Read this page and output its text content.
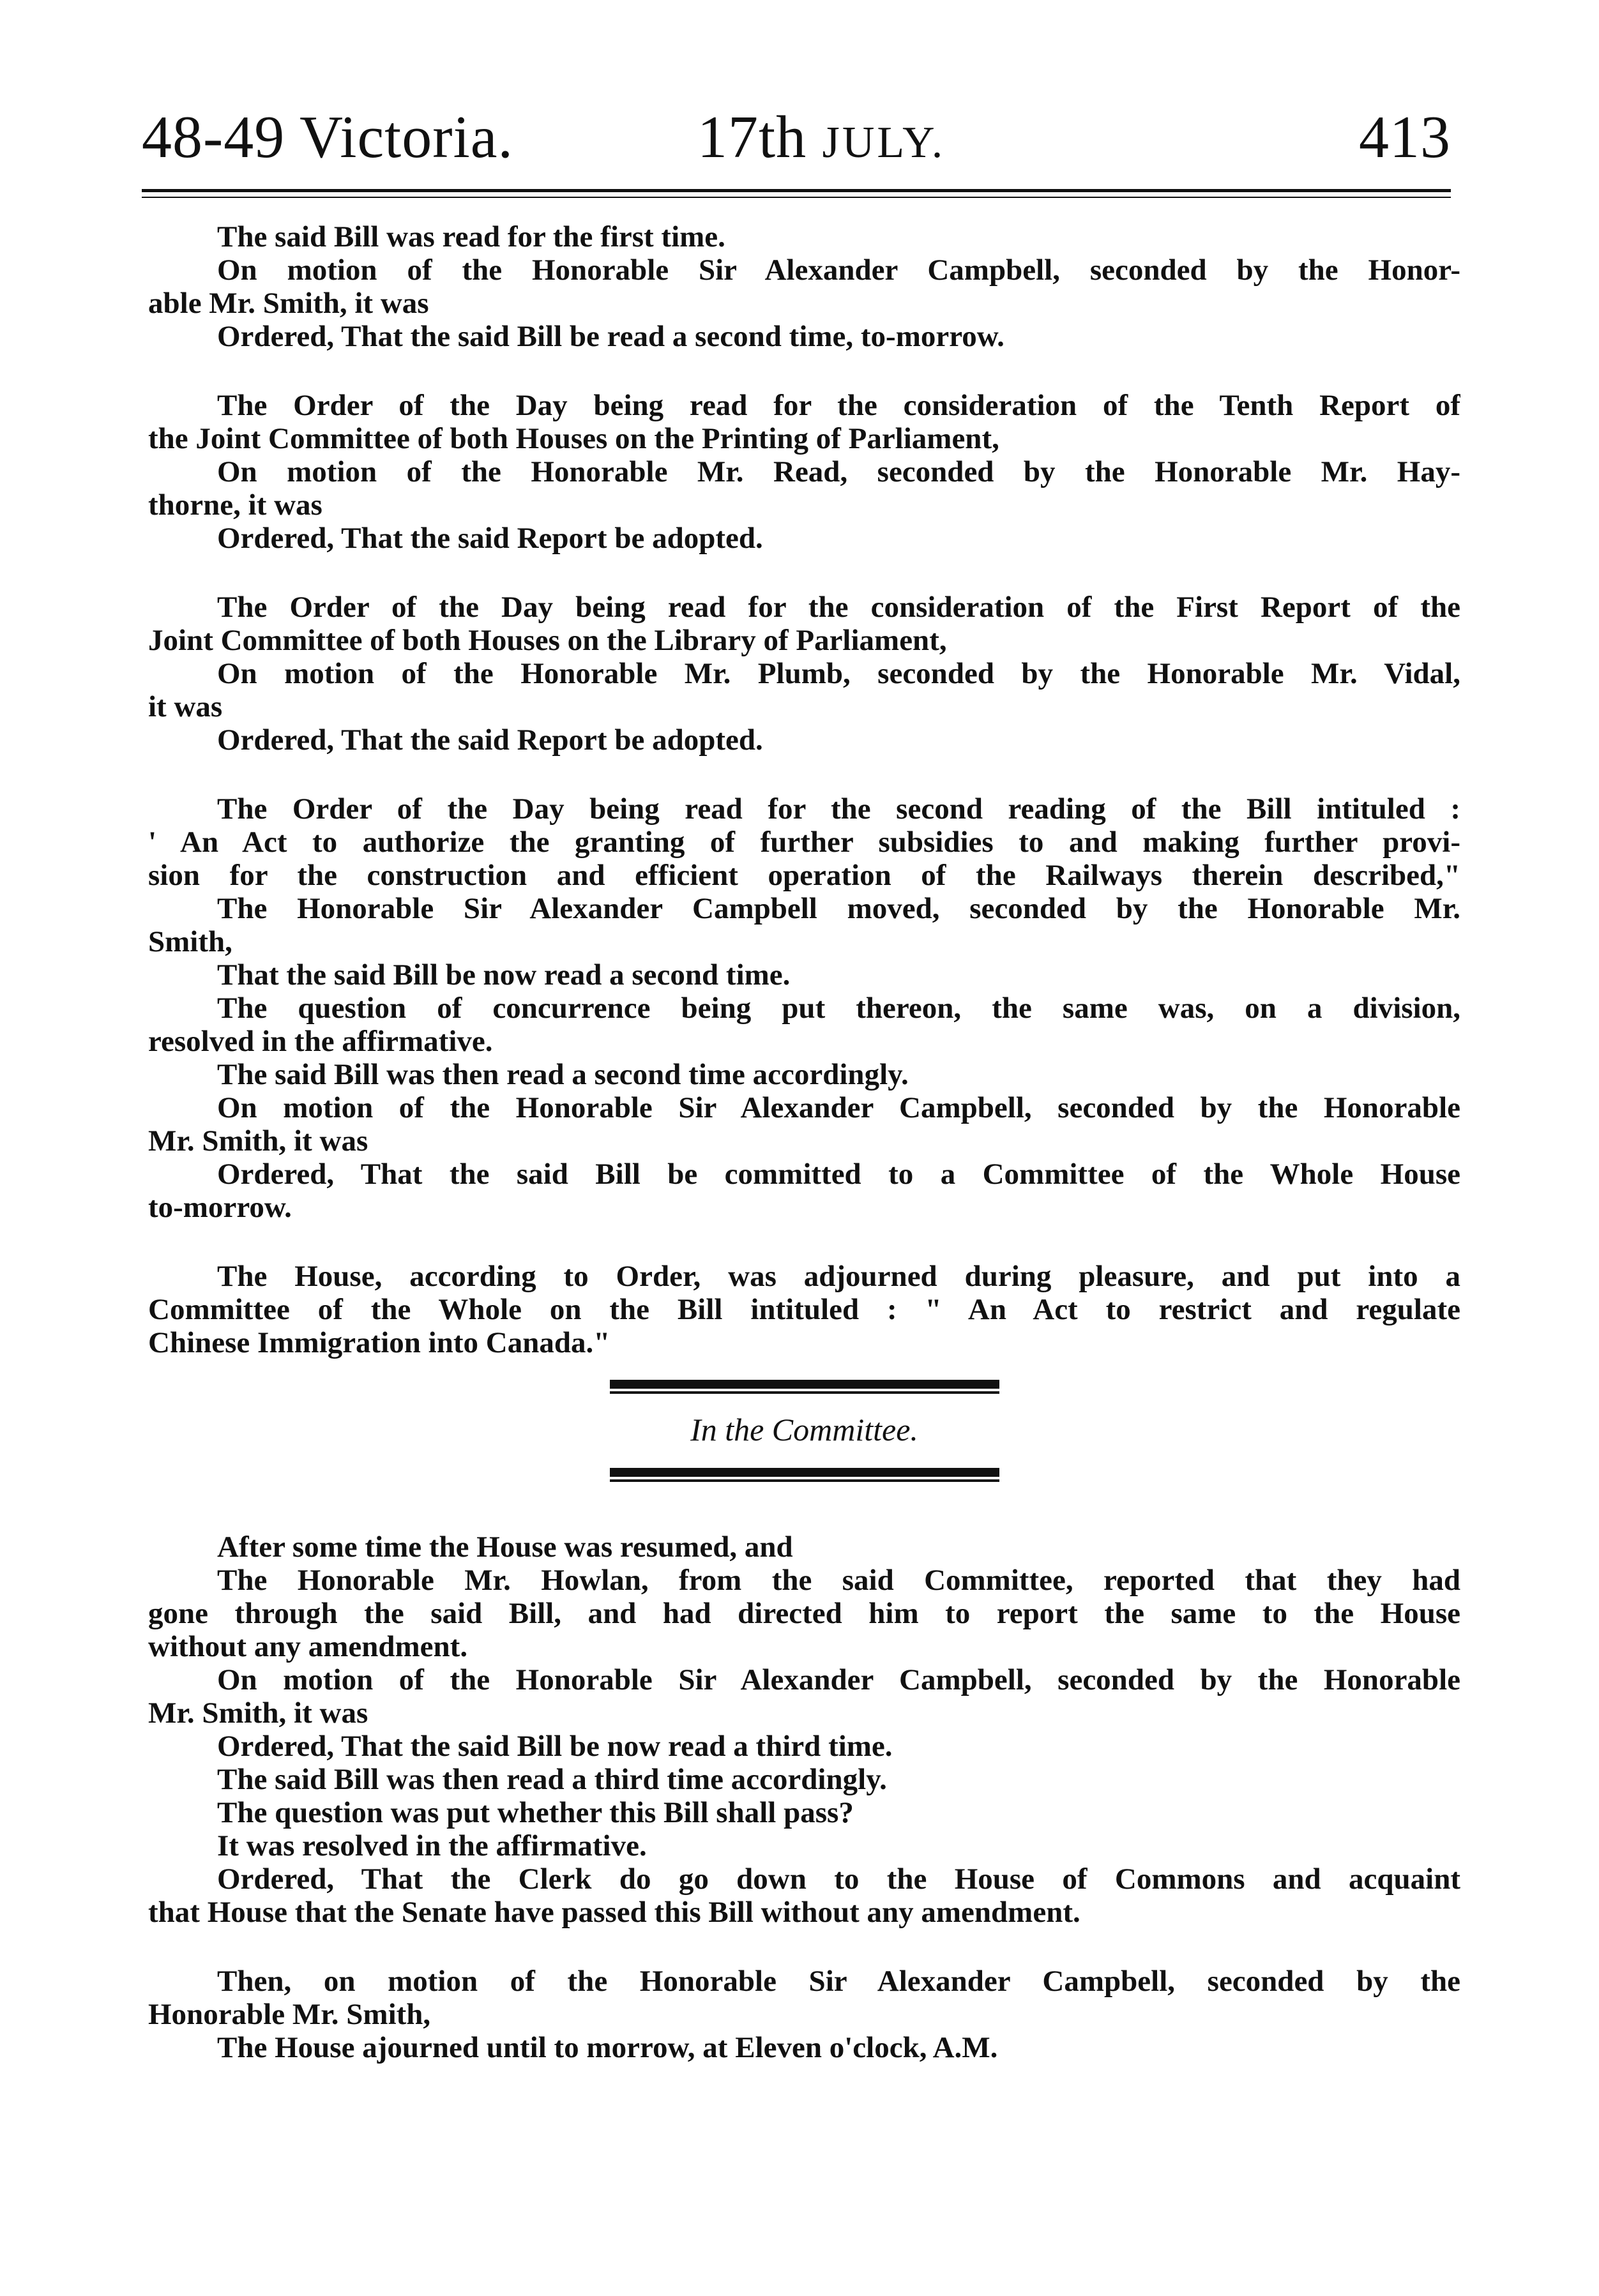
48-49 Victoria.	17th JULY.	413
The said Bill was read for the first time.
On motion of the Honorable Sir Alexander Campbell, seconded by the Honor-
able Mr. Smith, it was
Ordered, That the said Bill be read a second time, to-morrow.
The Order of the Day being read for the consideration of the Tenth Report of
the Joint Committee of both Houses on the Printing of Parliament,
On motion of the Honorable Mr. Read, seconded by the Honorable Mr. Hay-
thorne, it was
Ordered, That the said Report be adopted.
The Order of the Day being read for the consideration of the First Report of the
Joint Committee of both Houses on the Library of Parliament,
On motion of the Honorable Mr. Plumb, seconded by the Honorable Mr. Vidal,
it was
Ordered, That the said Report be adopted.
The Order of the Day being read for the second reading of the Bill intituled :
' An Act to authorize the granting of further subsidies to and making further provi-
sion for the construction and efficient operation of the Railways therein described,"
The Honorable Sir Alexander Campbell moved, seconded by the Honorable Mr.
Smith,
That the said Bill be now read a second time.
The question of concurrence being put thereon, the same was, on a division,
resolved in the affirmative.
The said Bill was then read a second time accordingly.
On motion of the Honorable Sir Alexander Campbell, seconded by the Honorable
Mr. Smith, it was
Ordered, That the said Bill be committed to a Committee of the Whole House
to-morrow.
The House, according to Order, was adjourned during pleasure, and put into a
Committee of the Whole on the Bill intituled : " An Act to restrict and regulate
Chinese Immigration into Canada."
In the Committee.
After some time the House was resumed, and
The Honorable Mr. Howlan, from the said Committee, reported that they had
gone through the said Bill, and had directed him to report the same to the House
without any amendment.
On motion of the Honorable Sir Alexander Campbell, seconded by the Honorable
Mr. Smith, it was
Ordered, That the said Bill be now read a third time.
The said Bill was then read a third time accordingly.
The question was put whether this Bill shall pass?
It was resolved in the affirmative.
Ordered, That the Clerk do go down to the House of Commons and acquaint
that House that the Senate have passed this Bill without any amendment.
Then, on motion of the Honorable Sir Alexander Campbell, seconded by the
Honorable Mr. Smith,
The House ajourned until to morrow, at Eleven o'clock, A.M.
